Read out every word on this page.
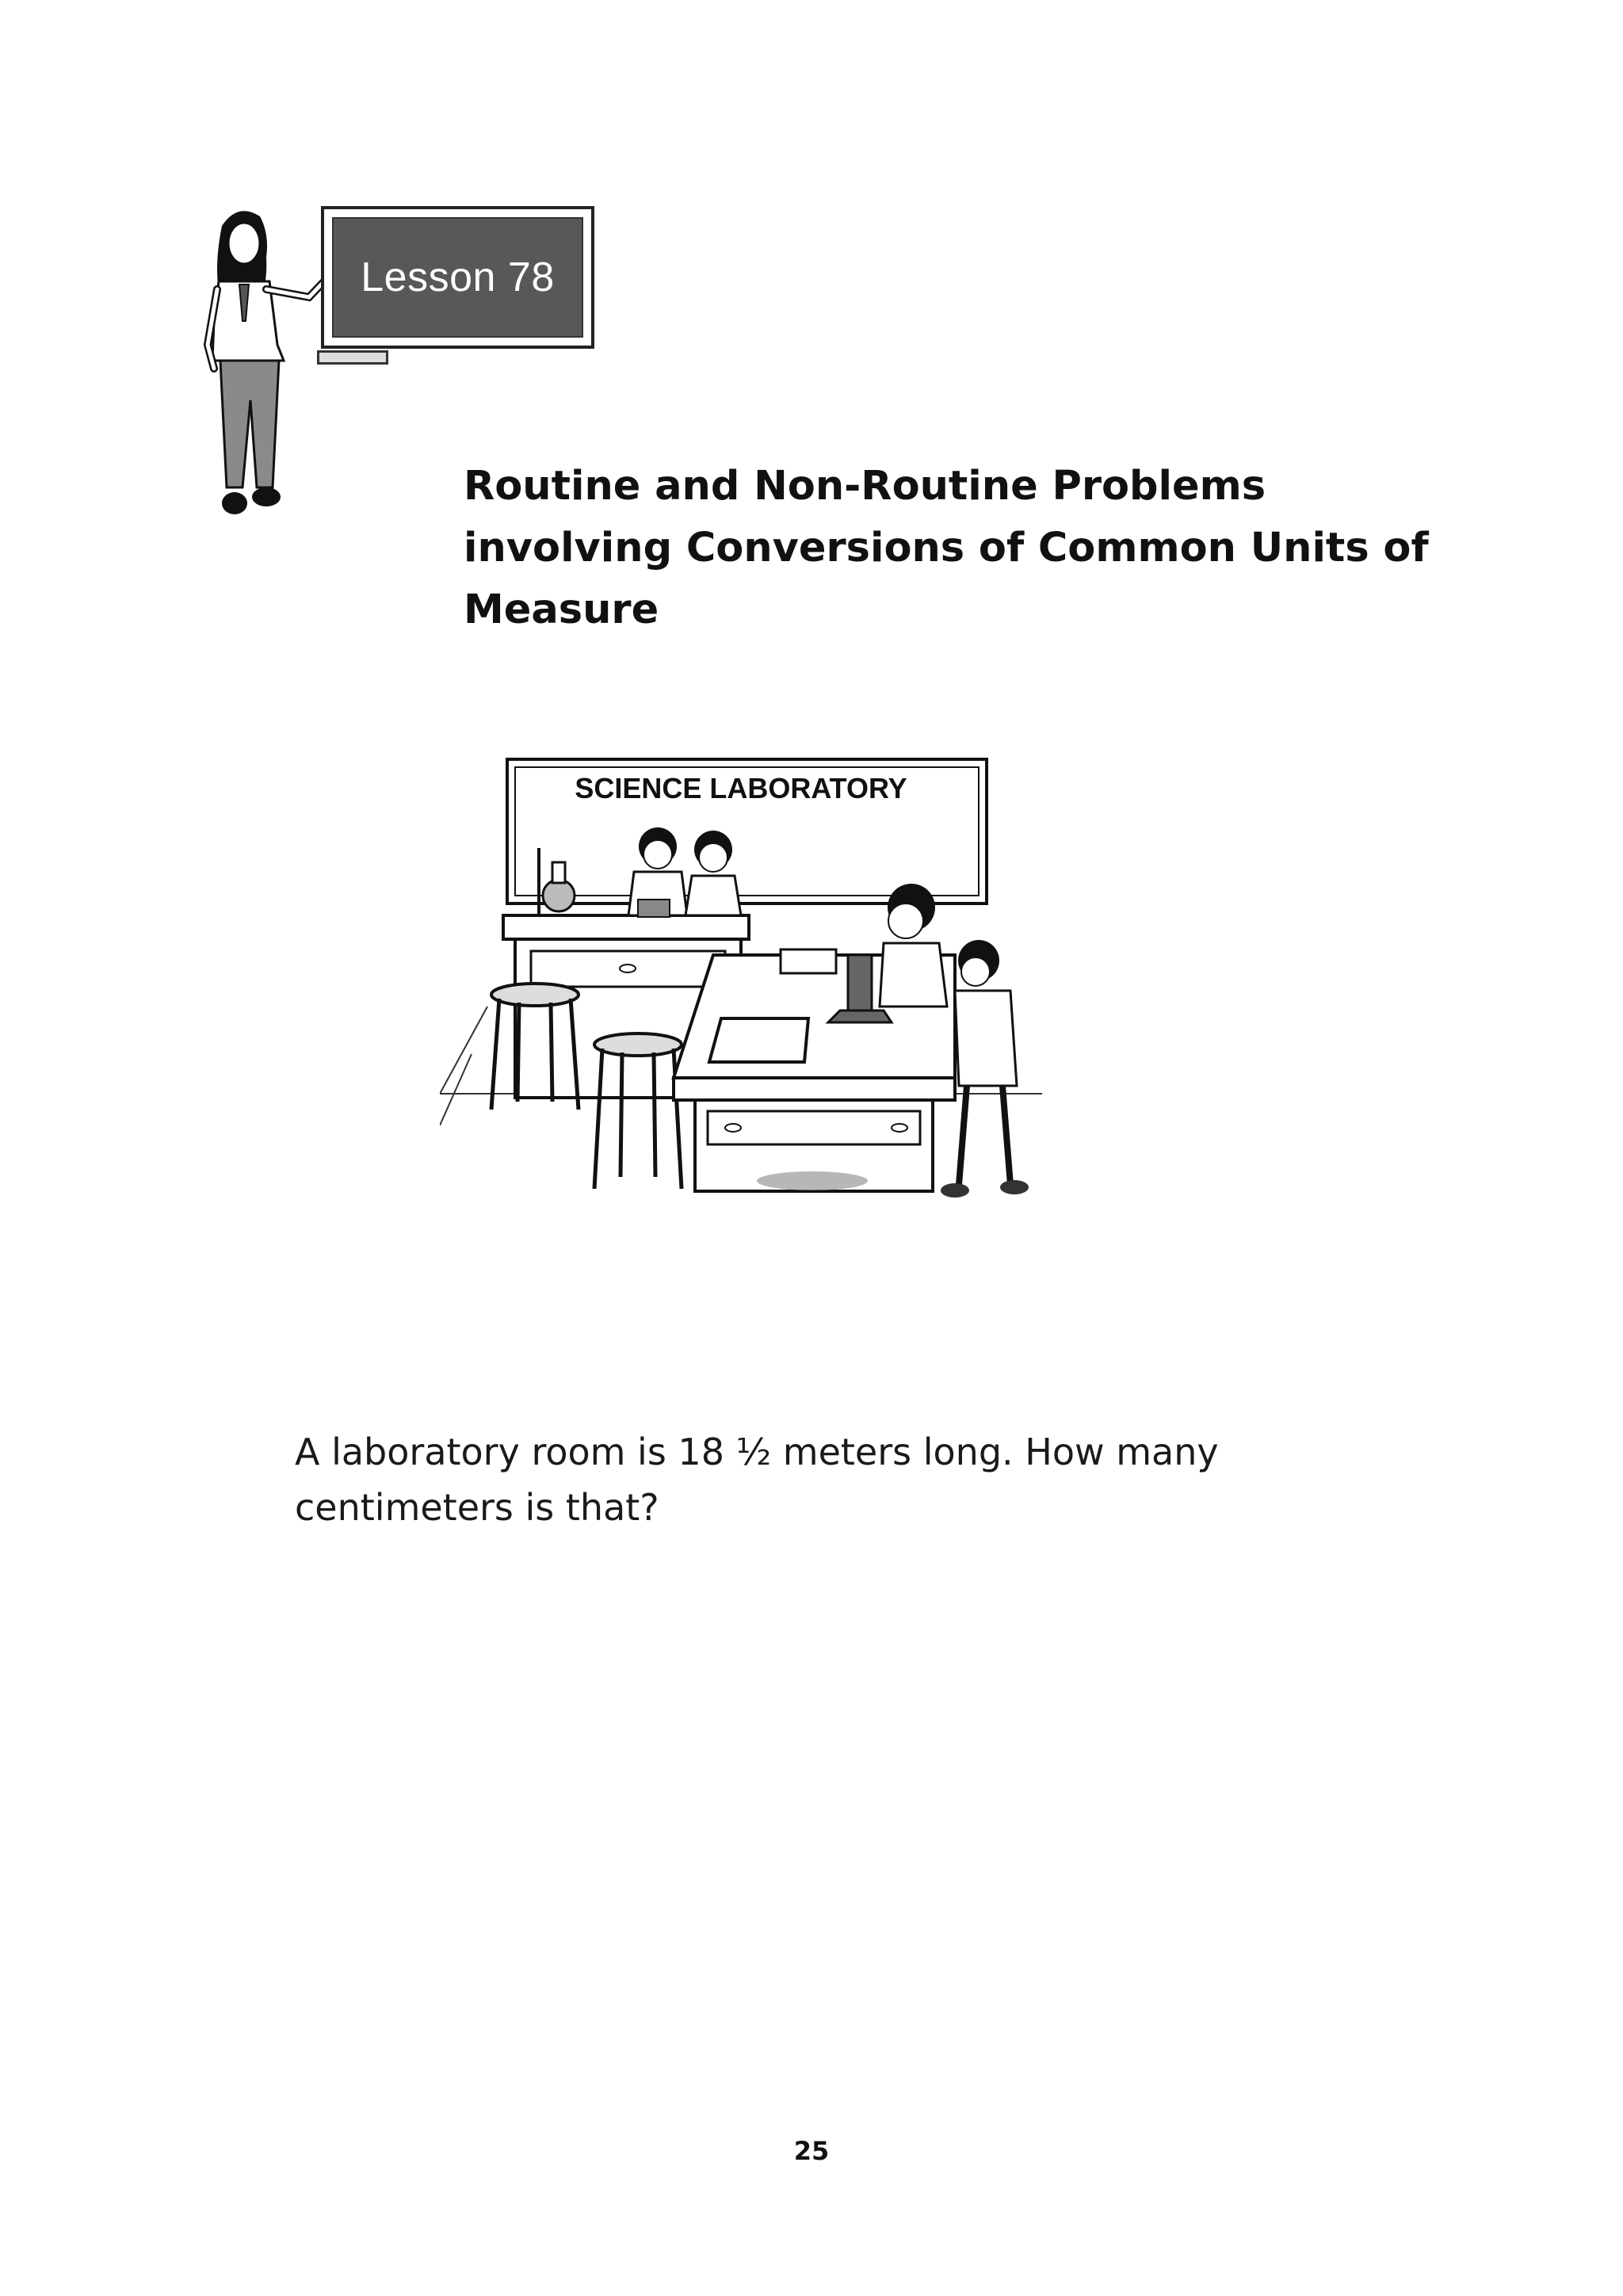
Lesson 78
Routine and Non-Routine Problems
involving Conversions of Common Units of
Measure
SCIENCE LABORATORY

A laboratory room is 18 ½ meters long. How many
centimeters is that?

25
